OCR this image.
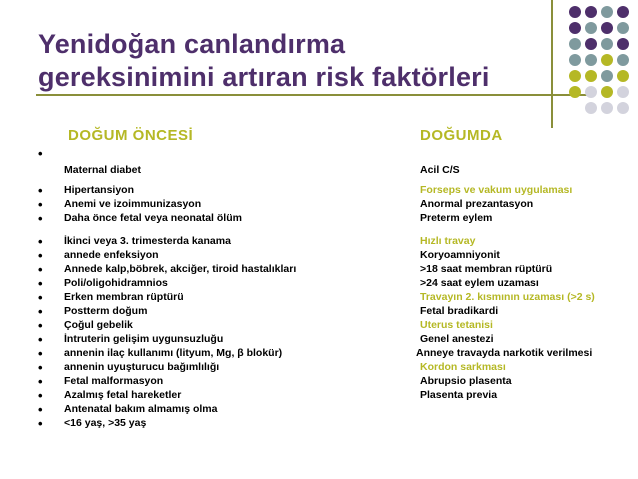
Yenidoğan canlandırma
gereksinimini artıran risk faktörleri
DOĞUM ÖNCESİ	DOĞUMDA
•
Maternal diabet
• Hipertansiyon
• Anemi ve izoimmunizasyon
• Daha önce fetal veya neonatal ölüm
• İkinci veya 3. trimesterda kanama
• annede enfeksiyon
• Annede kalp,böbrek, akciğer, tiroid hastalıkları
• Poli/oligohidramnios
• Erken membran rüptürü
• Postterm doğum
• Çoğul gebelik
• İntruterin gelişim uygunsuzluğu
• annenin ilaç kullanımı (lityum, Mg, β blokür)
• annenin uyuşturucu bağımlılığı
• Fetal malformasyon
• Azalmış fetal hareketler
• Antenatal bakım almamış olma
• <16 yaş, >35 yaş
Acil C/S
Forseps ve vakum uygulaması
Anormal prezantasyon
Preterm eylem
Hızlı travay
Koryoamniyonit
>18 saat membran rüptürü
>24 saat eylem uzaması
Travayın 2. kısmının uzaması (>2 s)
Fetal bradikardi
Uterus tetanisi
Genel anestezi
Anneye travayda narkotik verilmesi
Kordon sarkması
Abrupsio plasenta
Plasenta previa
